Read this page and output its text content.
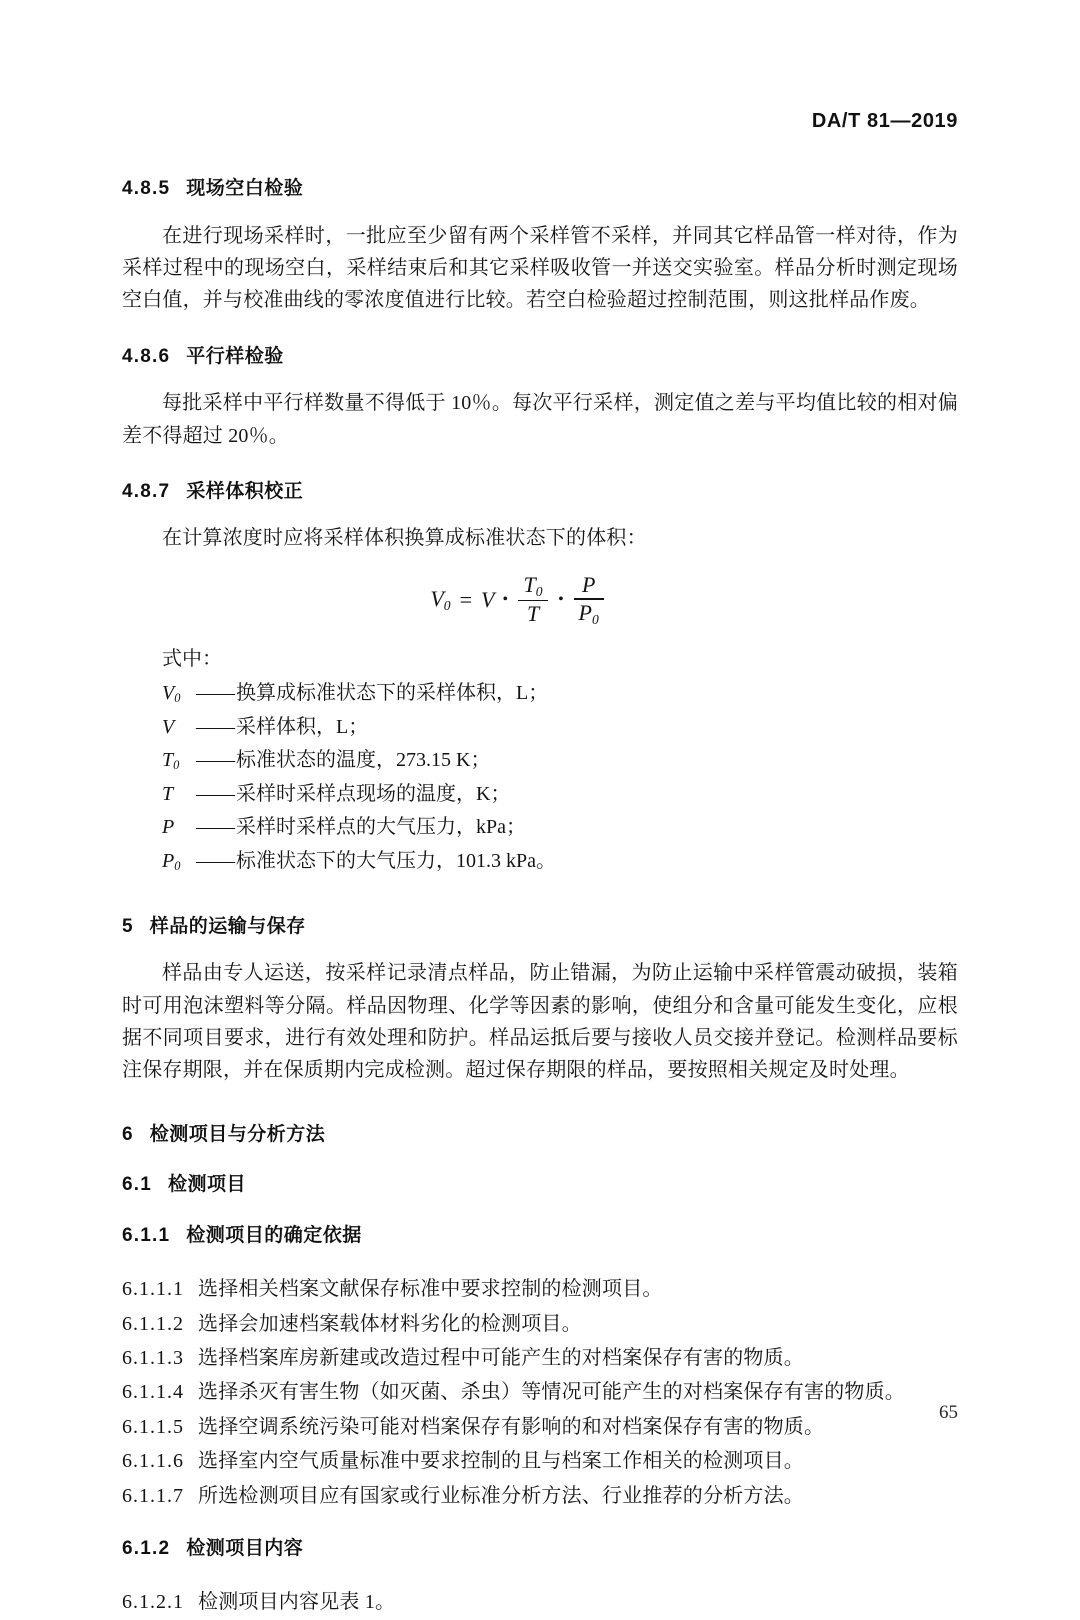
DA/T 81—2019
4.8.5 现场空白检验

在进行现场采样时，一批应至少留有两个采样管不采样，并同其它样品管一样对待，作为采样过程中的现场空白，采样结束后和其它采样吸收管一并送交实验室。样品分析时测定现场空白值，并与校准曲线的零浓度值进行比较。若空白检验超过控制范围，则这批样品作废。

4.8.6 平行样检验

每批采样中平行样数量不得低于 10％。每次平行采样，测定值之差与平均值比较的相对偏差不得超过 20％。

4.8.7 采样体积校正

在计算浓度时应将采样体积换算成标准状态下的体积：

$V_0 = V$ • $\frac{T_0}{T}$ • $\frac{P}{P_0}$
式中：
$V_0$ —— 换算成标准状态下的采样体积，L；
V	—— 采样体积，L；
$T_0$ —— 标准状态的温度，273.15 K；
T	—— 采样时采样点现场的温度，K；
P	—— 采样时采样点的大气压力，kPa；
$P_0$ —— 标准状态下的大气压力，101.3 kPa。
5 样品的运输与保存

样品由专人运送，按采样记录清点样品，防止错漏，为防止运输中采样管震动破损，装箱时可用泡沫塑料等分隔。样品因物理、化学等因素的影响，使组分和含量可能发生变化，应根据不同项目要求，进行有效处理和防护。样品运抵后要与接收人员交接并登记。检测样品要标注保存期限，并在保质期内完成检测。超过保存期限的样品，要按照相关规定及时处理。

6 检测项目与分析方法
6.1 检测项目
6.1.1 检测项目的确定依据

6.1.1.1 选择相关档案文献保存标准中要求控制的检测项目。

6.1.1.2 选择会加速档案载体材料劣化的检测项目。

6.1.1.3 选择档案库房新建或改造过程中可能产生的对档案保存有害的物质。

6.1.1.4 选择杀灭有害生物（如灭菌、杀虫）等情况可能产生的对档案保存有害的物质。

6.1.1.5 选择空调系统污染可能对档案保存有影响的和对档案保存有害的物质。

6.1.1.6 选择室内空气质量标准中要求控制的且与档案工作相关的检测项目。

6.1.1.7 所选检测项目应有国家或行业标准分析方法、行业推荐的分析方法。

6.1.2 检测项目内容

6.1.2.1 检测项目内容见表 1。

65
